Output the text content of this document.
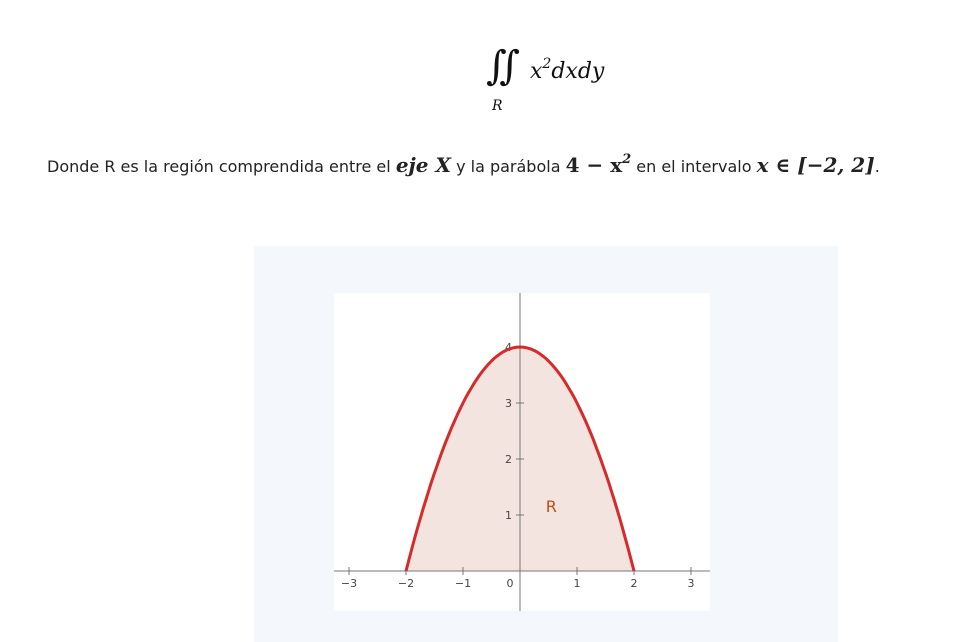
∬
R
$x^2dxdy$
Donde R es la región comprendida entre el eje X y la parábola $4 - x^2$ en el intervalo x ∈ [−2, 2].
−3	−2	−1	0	1	2	3
1
2
3
4
R
